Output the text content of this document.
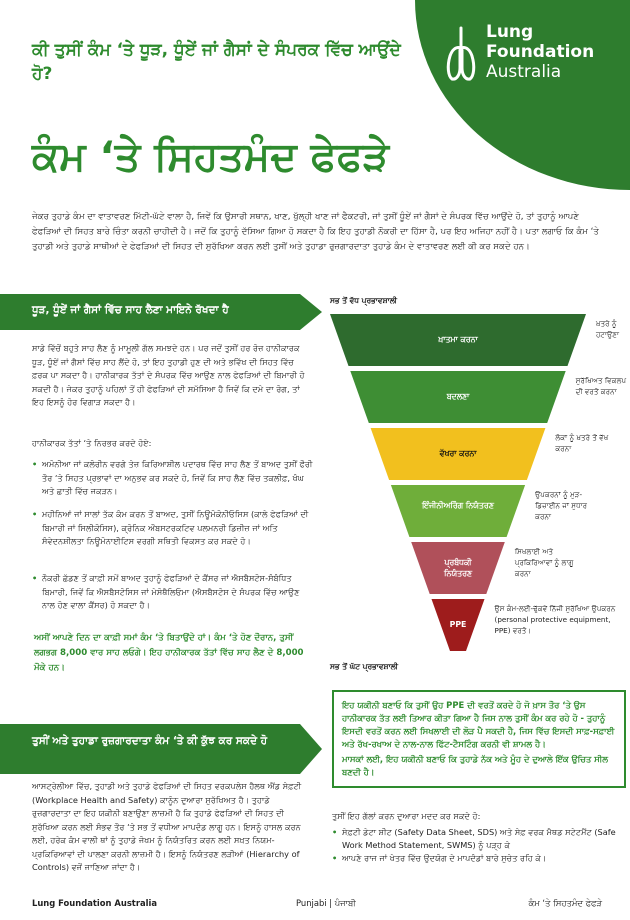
Lung
Foundation
Australia
ਕੀ ਤੁਸੀਂ ਕੰਮ ‘ਤੇ ਧੂੜ, ਧੂੰਏਂ ਜਾਂ ਗੈਸਾਂ ਦੇ ਸੰਪਰਕ ਵਿੱਚ ਆਉਂਦੇ ਹੋ?
ਕੰਮ ‘ਤੇ ਸਿਹਤਮੰਦ ਫੇਫੜੇ
ਜੇਕਰ ਤੁਹਾਡੇ ਕੰਮ ਦਾ ਵਾਤਾਵਰਣ ਮਿੱਟੀ-ਘੱਟੇ ਵਾਲਾ ਹੈ, ਜਿਵੇਂ ਕਿ ਉਸਾਰੀ ਸਥਾਨ, ਖਾਣ, ਖੁੱਲ੍ਹੀ ਖਾਣ ਜਾਂ ਫੈਕਟਰੀ, ਜਾਂ ਤੁਸੀਂ ਧੂੰਏਂ ਜਾਂ ਗੈਸਾਂ ਦੇ ਸੰਪਰਕ ਵਿੱਚ ਆਉਂਦੇ ਹੋ, ਤਾਂ ਤੁਹਾਨੂੰ ਆਪਣੇ ਫੇਫੜਿਆਂ ਦੀ ਸਿਹਤ ਬਾਰੇ ਚਿੰਤਾ ਕਰਨੀ ਚਾਹੀਦੀ ਹੈ। ਜਦੋਂ ਕਿ ਤੁਹਾਨੂੰ ਦੱਸਿਆ ਗਿਆ ਹੋ ਸਕਦਾ ਹੈ ਕਿ ਇਹ ਤੁਹਾਡੀ ਨੌਕਰੀ ਦਾ ਹਿੱਸਾ ਹੈ, ਪਰ ਇਹ ਅਜਿਹਾ ਨਹੀਂ ਹੈ। ਪਤਾ ਲਗਾਓ ਕਿ ਕੰਮ ‘ਤੇ ਤੁਹਾਡੀ ਅਤੇ ਤੁਹਾਡੇ ਸਾਥੀਆਂ ਦੇ ਫੇਫੜਿਆਂ ਦੀ ਸਿਹਤ ਦੀ ਸੁਰੱਖਿਆ ਕਰਨ ਲਈ ਤੁਸੀਂ ਅਤੇ ਤੁਹਾਡਾ ਰੁਜ਼ਗਾਰਦਾਤਾ ਤੁਹਾਡੇ ਕੰਮ ਦੇ ਵਾਤਾਵਰਣ ਲਈ ਕੀ ਕਰ ਸਕਦੇ ਹਨ।
ਧੂੜ, ਧੂੰਏਂ ਜਾਂ ਗੈਸਾਂ ਵਿੱਚ ਸਾਹ ਲੈਣਾ ਮਾਇਨੇ ਰੱਖਦਾ ਹੈ
ਸਾਡੇ ਵਿੱਚੋਂ ਬਹੁਤੇ ਸਾਹ ਲੈਣ ਨੂੰ ਮਾਮੂਲੀ ਗੱਲ ਸਮਝਦੇ ਹਨ। ਪਰ ਜਦੋਂ ਤੁਸੀਂ ਹਰ ਰੋਜ਼ ਹਾਨੀਕਾਰਕ ਧੂੜ, ਧੂੰਏਂ ਜਾਂ ਗੈਸਾਂ ਵਿੱਚ ਸਾਹ ਲੈਂਦੇ ਹੋ, ਤਾਂ ਇਹ ਤੁਹਾਡੀ ਹੁਣ ਦੀ ਅਤੇ ਭਵਿੱਖ ਦੀ ਸਿਹਤ ਵਿੱਚ ਫ਼ਰਕ ਪਾ ਸਕਦਾ ਹੈ। ਹਾਨੀਕਾਰਕ ਤੱਤਾਂ ਦੇ ਸੰਪਰਕ ਵਿੱਚ ਆਉਣ ਨਾਲ ਫੇਫੜਿਆਂ ਦੀ ਬਿਮਾਰੀ ਹੋ ਸਕਦੀ ਹੈ। ਜੇਕਰ ਤੁਹਾਨੂੰ ਪਹਿਲਾਂ ਤੋਂ ਹੀ ਫੇਫੜਿਆਂ ਦੀ ਸਮੱਸਿਆ ਹੈ ਜਿਵੇਂ ਕਿ ਦਮੇ ਦਾ ਰੋਗ, ਤਾਂ ਇਹ ਇਸਨੂੰ ਹੋਰ ਵਿਗਾੜ ਸਕਦਾ ਹੈ।
ਹਾਨੀਕਾਰਕ ਤੱਤਾਂ ‘ਤੇ ਨਿਰਭਰ ਕਰਦੇ ਹੋਏ:
• ਅਮੋਨੀਆ ਜਾਂ ਕਲੋਰੀਨ ਵਰਗੇ ਤੇਜ਼ ਕਿਰਿਆਸ਼ੀਲ ਪਦਾਰਥ ਵਿੱਚ ਸਾਹ ਲੈਣ ਤੋਂ ਬਾਅਦ ਤੁਸੀਂ ਫੌਰੀ ਤੌਰ ‘ਤੇ ਸਿਹਤ ਪ੍ਰਭਾਵਾਂ ਦਾ ਅਨੁਭਵ ਕਰ ਸਕਦੇ ਹੋ, ਜਿਵੇਂ ਕਿ ਸਾਹ ਲੈਣ ਵਿੱਚ ਤਕਲੀਫ਼, ਖੰਘ ਅਤੇ ਛਾਤੀ ਵਿੱਚ ਜਕੜਨ।
• ਮਹੀਨਿਆਂ ਜਾਂ ਸਾਲਾਂ ਤੱਕ ਕੰਮ ਕਰਨ ਤੋਂ ਬਾਅਦ, ਤੁਸੀਂ ਨਿਊਮੋਕੋਨੀਓਸਿਸ (ਕਾਲੇ ਫੇਫੜਿਆਂ ਦੀ ਬਿਮਾਰੀ ਜਾਂ ਸਿਲੀਕੋਸਿਸ), ਕ੍ਰੋਨਿਕ ਔਬਸਟਰਕਟਿਵ ਪਲਮਨਰੀ ਡਿਜ਼ੀਜ਼ ਜਾਂ ਅਤਿ ਸੰਵੇਦਨਸ਼ੀਲਤਾ ਨਿਊਮੋਨਾਈਟਿਸ ਵਰਗੀ ਸਥਿਤੀ ਵਿਕਸਤ ਕਰ ਸਕਦੇ ਹੋ।
• ਨੌਕਰੀ ਛੱਡਣ ਤੋਂ ਕਾਫ਼ੀ ਸਮੇਂ ਬਾਅਦ ਤੁਹਾਨੂੰ ਫੇਫੜਿਆਂ ਦੇ ਕੈਂਸਰ ਜਾਂ ਐਸਬੈਸਟੋਸ-ਸੰਬੰਧਿਤ ਬਿਮਾਰੀ, ਜਿਵੇਂ ਕਿ ਐਸਬੈਸਟੋਸਿਸ ਜਾਂ ਮੇਸੋਥੈਲਿਓਮਾ (ਐਸਬੈਸਟੋਸ ਦੇ ਸੰਪਰਕ ਵਿੱਚ ਆਉਣ ਨਾਲ ਹੋਣ ਵਾਲਾ ਕੈਂਸਰ) ਹੋ ਸਕਦਾ ਹੈ।
ਅਸੀਂ ਆਪਣੇ ਦਿਨ ਦਾ ਕਾਫ਼ੀ ਸਮਾਂ ਕੰਮ ‘ਤੇ ਬਿਤਾਉਂਦੇ ਹਾਂ। ਕੰਮ ‘ਤੇ ਹੋਣ ਦੌਰਾਨ, ਤੁਸੀਂ ਲਗਭਗ 8,000 ਵਾਰ ਸਾਹ ਲਓਗੇ। ਇਹ ਹਾਨੀਕਾਰਕ ਤੱਤਾਂ ਵਿੱਚ ਸਾਹ ਲੈਣ ਦੇ 8,000 ਮੌਕੇ ਹਨ।
ਤੁਸੀਂ ਅਤੇ ਤੁਹਾਡਾ ਰੁਜ਼ਗਾਰਦਾਤਾ ਕੰਮ ‘ਤੇ ਕੀ ਕੁੱਝ ਕਰ ਸਕਦੇ ਹੋ
ਆਸਟ੍ਰੇਲੀਆ ਵਿੱਚ, ਤੁਹਾਡੀ ਅਤੇ ਤੁਹਾਡੇ ਫੇਫੜਿਆਂ ਦੀ ਸਿਹਤ ਵਰਕਪਲੇਸ ਹੈਲਥ ਐਂਡ ਸੇਫ਼ਟੀ (Workplace Health and Safety) ਕਾਨੂੰਨ ਦੁਆਰਾ ਸੁਰੱਖਿਅਤ ਹੈ। ਤੁਹਾਡੇ ਰੁਜ਼ਗਾਰਦਾਤਾ ਦਾ ਇਹ ਯਕੀਨੀ ਬਣਾਉਣਾ ਲਾਜ਼ਮੀ ਹੈ ਕਿ ਤੁਹਾਡੇ ਫੇਫੜਿਆਂ ਦੀ ਸਿਹਤ ਦੀ ਸੁਰੱਖਿਆ ਕਰਨ ਲਈ ਸੰਭਵ ਤੌਰ ‘ਤੇ ਸਭ ਤੋਂ ਵਧੀਆ ਮਾਪਦੰਡ ਲਾਗੂ ਹਨ। ਇਸਨੂੰ ਹਾਸਲ ਕਰਨ ਲਈ, ਹਰੇਕ ਕੰਮ ਵਾਲੀ ਥਾਂ ਨੂੰ ਤੁਹਾਡੇ ਜੋਖਮ ਨੂੰ ਨਿਯੰਤਰਿਤ ਕਰਨ ਲਈ ਸਖ਼ਤ ਨਿਯਮ-ਪ੍ਰਕਿਰਿਆਵਾਂ ਦੀ ਪਾਲਣਾ ਕਰਨੀ ਲਾਜ਼ਮੀ ਹੈ। ਇਸਨੂੰ ਨਿਯੰਤਰਣ ਲੜੀਆਂ (Hierarchy of Controls) ਵਜੋਂ ਜਾਣਿਆ ਜਾਂਦਾ ਹੈ।
ਸਭ ਤੋਂ ਵੱਧ ਪ੍ਰਭਾਵਸ਼ਾਲੀ
ਸਭ ਤੋਂ ਘੱਟ ਪ੍ਰਭਾਵਸ਼ਾਲੀ
ਖ਼ਾਤਮਾ ਕਰਨਾ
ਖ਼ਤਰੇ ਨੂੰ ਹਟਾਉਣਾ
ਬਦਲਣਾ
ਸੁਰੱਖਿਅਤ ਵਿਕਲਪ ਦੀ ਵਰਤੋਂ ਕਰਨਾ
ਵੱਖਰਾ ਕਰਨਾ
ਲੋਕਾਂ ਨੂੰ ਖ਼ਤਰੇ ਤੋਂ ਵੱਖ ਕਰਨਾ
ਇੰਜੀਨੀਅਰਿੰਗ ਨਿਯੰਤਰਣ
ਉਪਕਰਨਾਂ ਨੂੰ ਮੁੜ-ਡਿਜ਼ਾਈਨ ਜਾਂ ਸੁਧਾਰ ਕਰਨਾ
ਪ੍ਰਬੰਧਕੀ ਨਿਯੰਤਰਣ
ਸਿਖਲਾਈ ਅਤੇ ਪ੍ਰਕਿਰਿਆਵਾਂ ਨੂੰ ਲਾਗੂ ਕਰਨਾ
PPE
ਉਸ ਕੰਮ-ਲਈ-ਢੁੱਕਵੇਂ ਨਿੱਜੀ ਸੁਰੱਖਿਆ ਉਪਕਰਨ (personal protective equipment, PPE) ਵਰਤੋ।

ਇਹ ਯਕੀਨੀ ਬਣਾਓ ਕਿ ਤੁਸੀਂ ਉਹ PPE ਦੀ ਵਰਤੋਂ ਕਰਦੇ ਹੋ ਜੋ ਖ਼ਾਸ ਤੌਰ ‘ਤੇ ਉਸ ਹਾਨੀਕਾਰਕ ਤੱਤ ਲਈ ਤਿਆਰ ਕੀਤਾ ਗਿਆ ਹੈ ਜਿਸ ਨਾਲ ਤੁਸੀਂ ਕੰਮ ਕਰ ਰਹੇ ਹੋ - ਤੁਹਾਨੂੰ ਇਸਦੀ ਵਰਤੋਂ ਕਰਨ ਲਈ ਸਿਖਲਾਈ ਦੀ ਲੋੜ ਪੈ ਸਕਦੀ ਹੈ, ਜਿਸ ਵਿੱਚ ਇਸਦੀ ਸਾਫ਼-ਸਫ਼ਾਈ ਅਤੇ ਰੱਖ-ਰਖਾਅ ਦੇ ਨਾਲ-ਨਾਲ ਫਿੱਟ-ਟੈਸਟਿੰਗ ਕਰਨੀ ਵੀ ਸ਼ਾਮਲ ਹੈ।

ਮਾਸਕਾਂ ਲਈ, ਇਹ ਯਕੀਨੀ ਬਣਾਓ ਕਿ ਤੁਹਾਡੇ ਨੱਕ ਅਤੇ ਮੂੰਹ ਦੇ ਦੁਆਲੇ ਇੱਕ ਉਚਿਤ ਸੀਲ ਬਣਦੀ ਹੈ।

ਤੁਸੀਂ ਇਹ ਗੱਲਾਂ ਕਰਨ ਦੁਆਰਾ ਮਦਦ ਕਰ ਸਕਦੇ ਹੋ:
• ਸੇਫ਼ਟੀ ਡੇਟਾ ਸ਼ੀਟ (Safety Data Sheet, SDS) ਅਤੇ ਸੇਫ਼ ਵਰਕ ਮੈਥਡ ਸਟੇਟਮੈਂਟ (Safe Work Method Statement, SWMS) ਨੂੰ ਪੜ੍ਹ ਕੇ
• ਆਪਣੇ ਰਾਜ ਜਾਂ ਖੇਤਰ ਵਿੱਚ ਉਦਯੋਗ ਦੇ ਮਾਪਦੰਡਾਂ ਬਾਰੇ ਸੁਚੇਤ ਰਹਿ ਕੇ।
Lung Foundation Australia	Punjabi | ਪੰਜਾਬੀ	ਕੰਮ ‘ਤੇ ਸਿਹਤਮੰਦ ਫੇਫੜੇ
